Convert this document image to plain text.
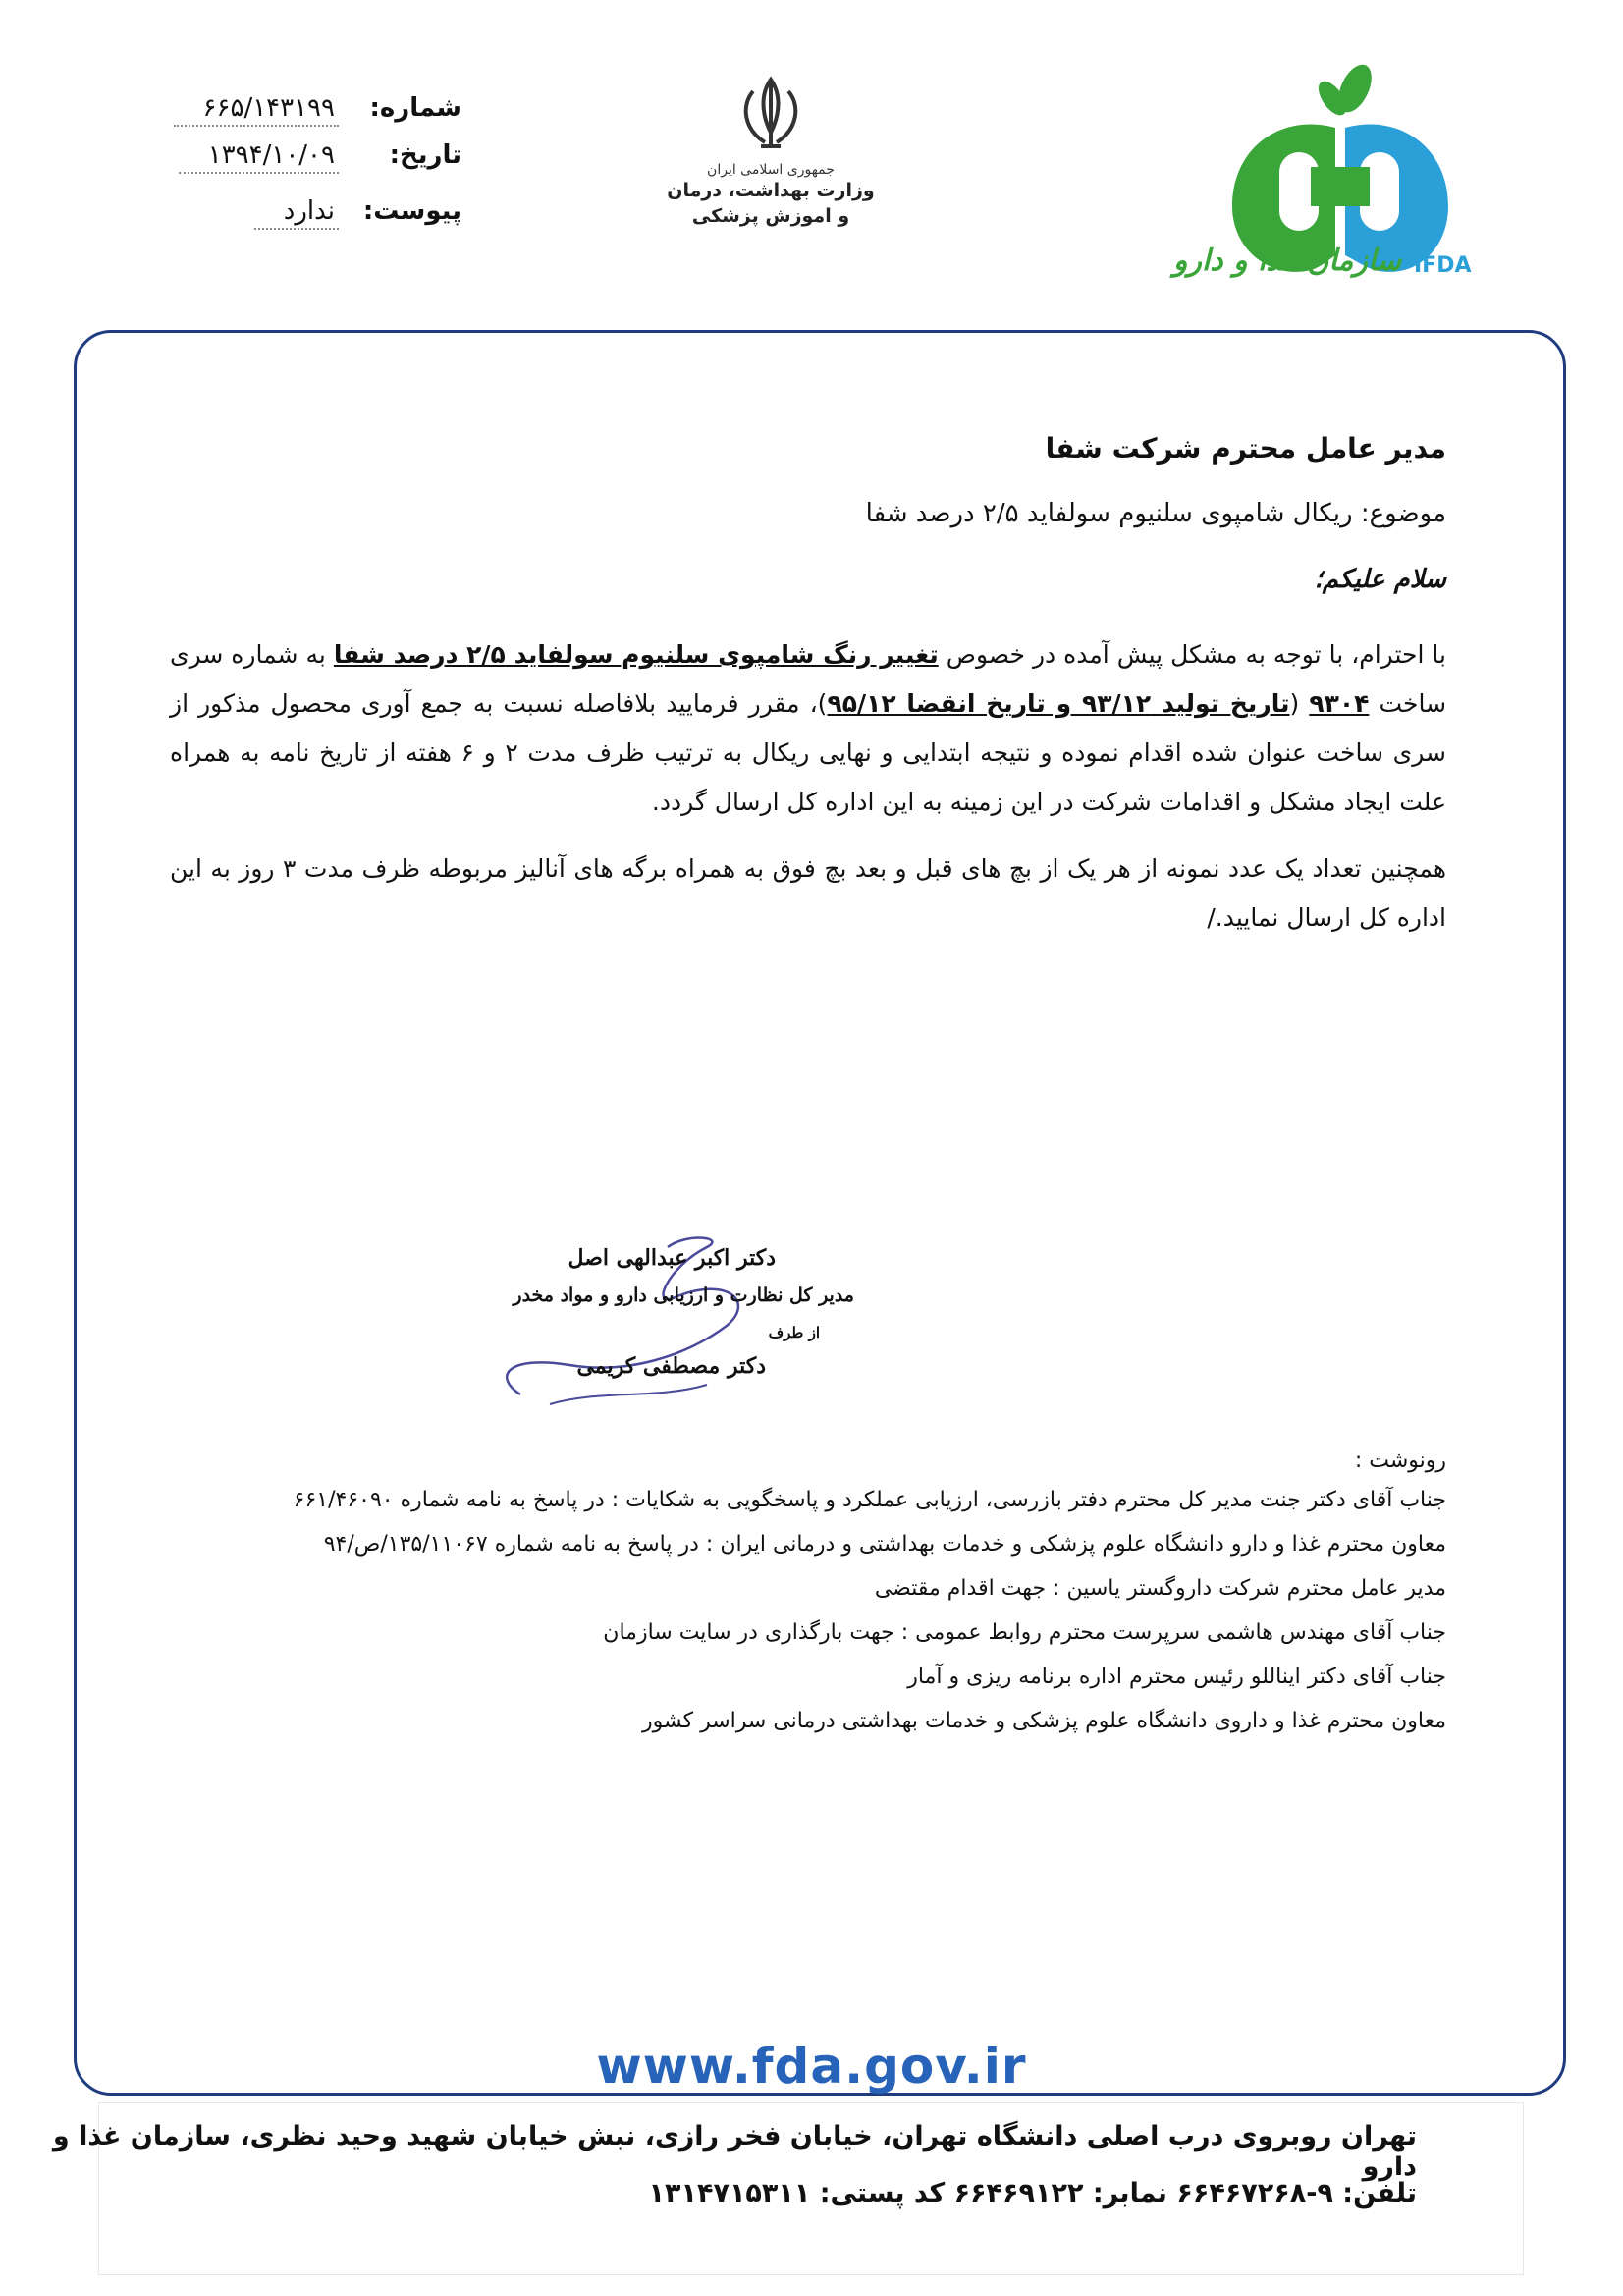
شماره:
۶۶۵/۱۴۳۱۹۹
تاریخ:
۱۳۹۴/۱۰/۰۹
پیوست:
ندارد
جمهوری اسلامی ایران
وزارت بهداشت، درمان
و اموزش پزشکی
سازمان غذا و دارو IFDA
مدیر عامل محترم شرکت شفا
موضوع: ریکال شامپوی سلنیوم سولفاید ۲/۵ درصد شفا
سلام علیکم؛
با احترام، با توجه به مشکل پیش آمده در خصوص تغییر رنگ شامپوی سلنیوم سولفاید ۲/۵ درصد شفا به شماره سری ساخت ۹۳۰۴ (تاریخ تولید ۹۳/۱۲ و تاریخ انقضا ۹۵/۱۲)، مقرر فرمایید بلافاصله نسبت به جمع آوری محصول مذکور از سری ساخت عنوان شده اقدام نموده و نتیجه ابتدایی و نهایی ریکال به ترتیب ظرف مدت ۲ و ۶ هفته از تاریخ نامه به همراه علت ایجاد مشکل و اقدامات شرکت در این زمینه به این اداره کل ارسال گردد.
همچنین تعداد یک عدد نمونه از هر یک از بچ های قبل و بعد بچ فوق به همراه برگه های آنالیز مربوطه ظرف مدت ۳ روز به این اداره کل ارسال نمایید./
دکتر اکبر عبدالهی اصل
مدیر کل نظارت و ارزیابی دارو و مواد مخدر
از طرف
دکتر مصطفی کریمی
رونوشت :
جناب آقای دکتر جنت مدیر کل محترم دفتر بازرسی، ارزیابی عملکرد و پاسخگویی به شکایات : در پاسخ به نامه شماره ۶۶۱/۴۶۰۹۰
معاون محترم غذا و دارو دانشگاه علوم پزشکی و خدمات بهداشتی و درمانی ایران : در پاسخ به نامه شماره ۱۳۵/۱۱۰۶۷/ص/۹۴
مدیر عامل محترم شرکت داروگستر یاسین : جهت اقدام مقتضی
جناب آقای مهندس هاشمی سرپرست محترم روابط عمومی : جهت بارگذاری در سایت سازمان
جناب آقای دکتر ایناللو رئیس محترم اداره برنامه ریزی و آمار
معاون محترم غذا و داروی دانشگاه علوم پزشکی و خدمات بهداشتی درمانی سراسر کشور
www.fda.gov.ir
تهران روبروی درب اصلی دانشگاه تهران، خیابان فخر رازی، نبش خیابان شهید وحید نظری، سازمان غذا و دارو
تلفن: ۹-۶۶۴۶۷۲۶۸ نمابر: ۶۶۴۶۹۱۲۲ کد پستی: ۱۳۱۴۷۱۵۳۱۱
